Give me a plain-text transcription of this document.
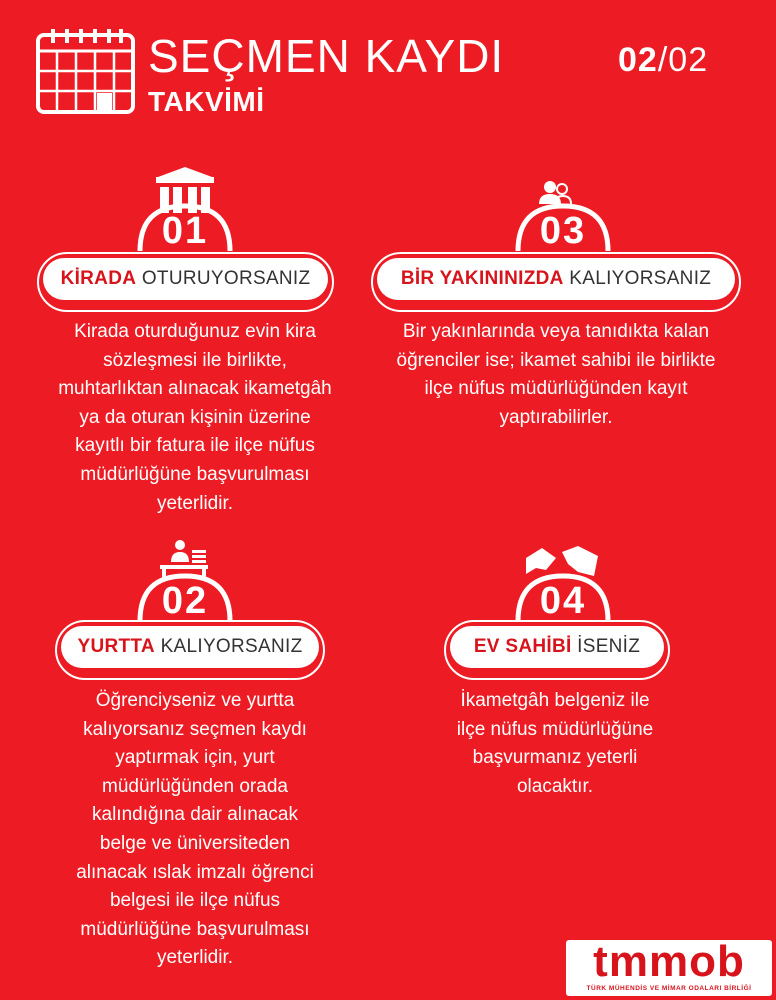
SEÇMEN KAYDI
TAKVİMİ
02/02
01
KİRADA OTURUYORSANIZ
Kirada oturduğunuz evin kira
sözleşmesi ile birlikte,
muhtarlıktan alınacak ikametgâh
ya da oturan kişinin üzerine
kayıtlı bir fatura ile ilçe nüfus
müdürlüğüne başvurulması
yeterlidir.
03
BİR YAKININIZDA KALIYORSANIZ
Bir yakınlarında veya tanıdıkta kalan
öğrenciler ise; ikamet sahibi ile birlikte
ilçe nüfus müdürlüğünden kayıt
yaptırabilirler.
02
YURTTA KALIYORSANIZ
Öğrenciyseniz ve yurtta
kalıyorsanız seçmen kaydı
yaptırmak için, yurt
müdürlüğünden orada
kalındığına dair alınacak
belge ve üniversiteden
alınacak ıslak imzalı öğrenci
belgesi ile ilçe nüfus
müdürlüğüne başvurulması
yeterlidir.
04
EV SAHİBİ İSENİZ
İkametgâh belgeniz ile
ilçe nüfus müdürlüğüne
başvurmanız yeterli
olacaktır.
tmmob
TÜRK MÜHENDİS VE MİMAR ODALARI BİRLİĞİ
